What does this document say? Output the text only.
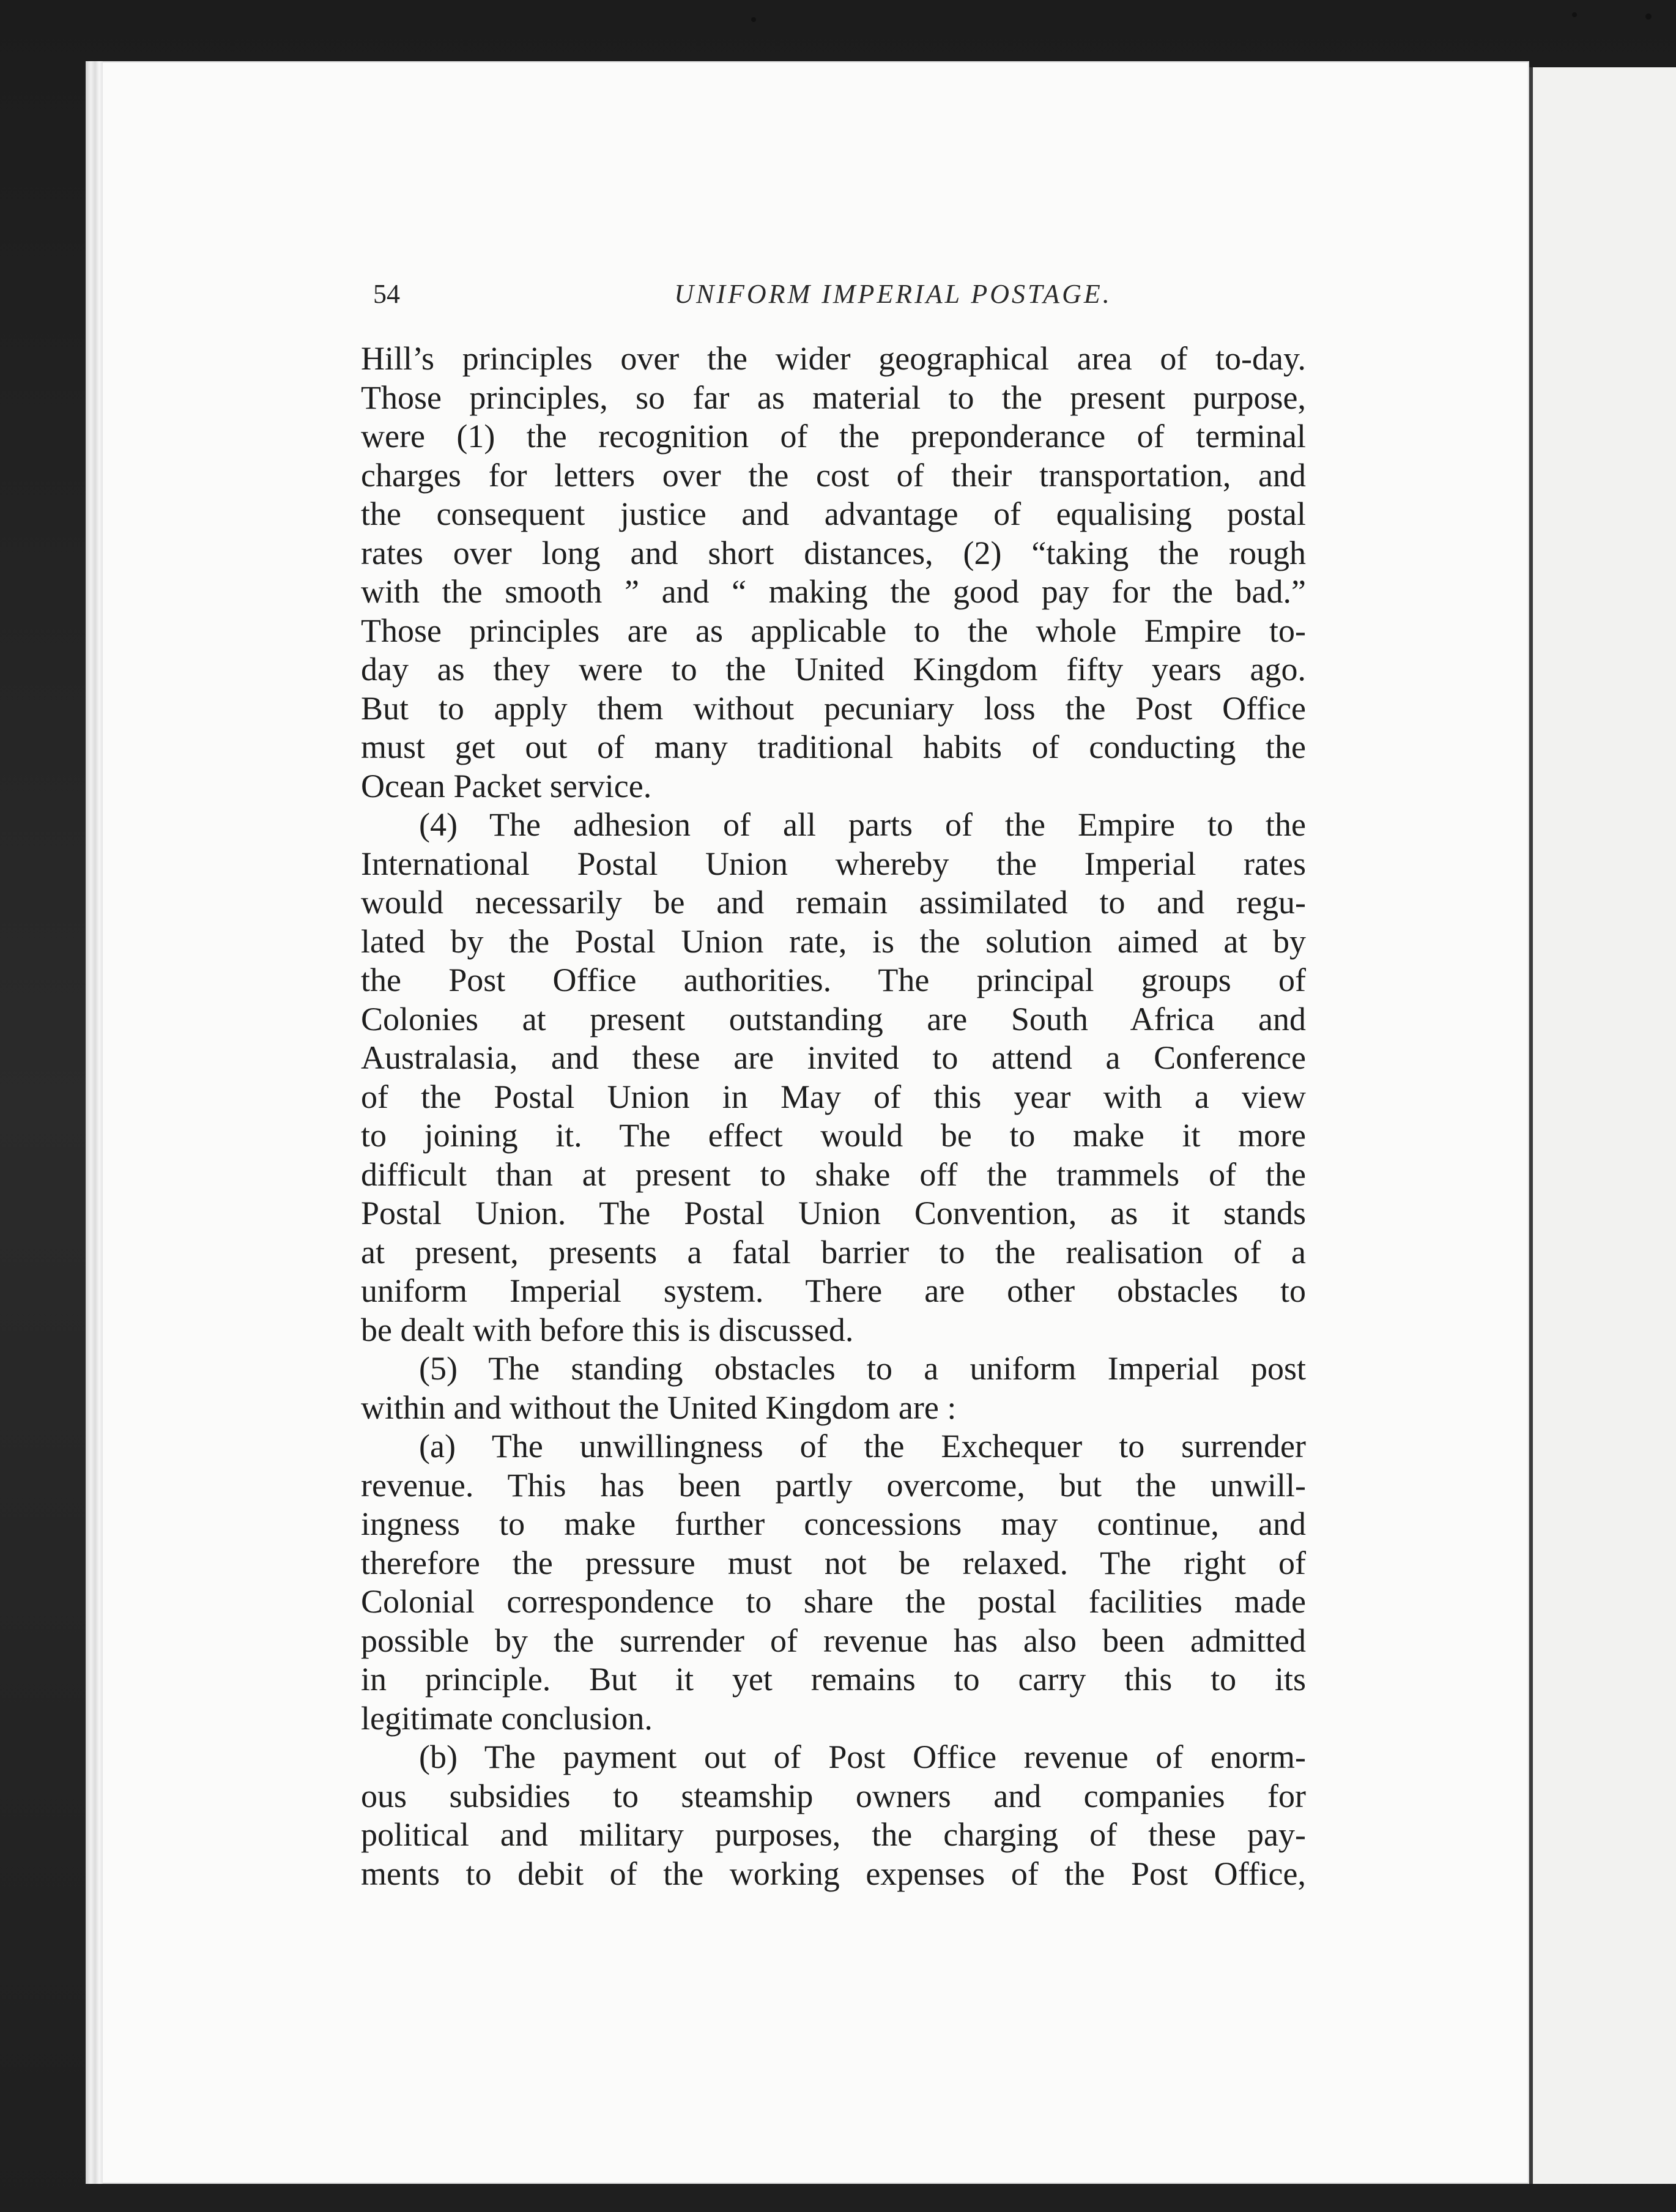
54	UNIFORM IMPERIAL POSTAGE.
Hill’s principles over the wider geographical area of to-day.
Those principles, so far as material to the present purpose,
were (1) the recognition of the preponderance of terminal
charges for letters over the cost of their transportation, and
the consequent justice and advantage of equalising postal
rates over long and short distances, (2) “taking the rough
with the smooth ” and “ making the good pay for the bad.”
Those principles are as applicable to the whole Empire to-
day as they were to the United Kingdom fifty years ago.
But to apply them without pecuniary loss the Post Office
must get out of many traditional habits of conducting the
Ocean Packet service.
(4) The adhesion of all parts of the Empire to the
International Postal Union whereby the Imperial rates
would necessarily be and remain assimilated to and regu-
lated by the Postal Union rate, is the solution aimed at by
the Post Office authorities. The principal groups of
Colonies at present outstanding are South Africa and
Australasia, and these are invited to attend a Conference
of the Postal Union in May of this year with a view
to joining it. The effect would be to make it more
difficult than at present to shake off the trammels of the
Postal Union. The Postal Union Convention, as it stands
at present, presents a fatal barrier to the realisation of a
uniform Imperial system. There are other obstacles to
be dealt with before this is discussed.
(5) The standing obstacles to a uniform Imperial post
within and without the United Kingdom are :
(a) The unwillingness of the Exchequer to surrender
revenue. This has been partly overcome, but the unwill-
ingness to make further concessions may continue, and
therefore the pressure must not be relaxed. The right of
Colonial correspondence to share the postal facilities made
possible by the surrender of revenue has also been admitted
in principle. But it yet remains to carry this to its
legitimate conclusion.
(b) The payment out of Post Office revenue of enorm-
ous subsidies to steamship owners and companies for
political and military purposes, the charging of these pay-
ments to debit of the working expenses of the Post Office,
